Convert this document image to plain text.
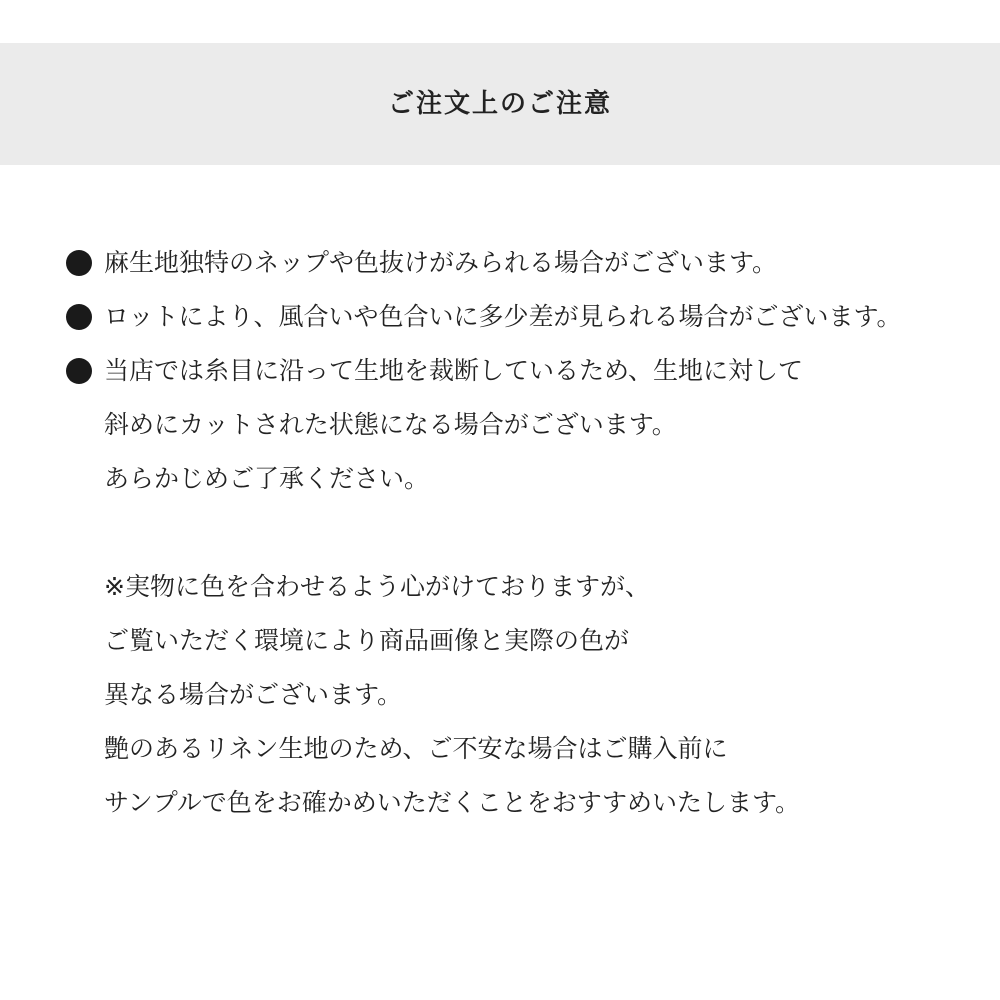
ご注文上のご注意
麻生地独特のネップや色抜けがみられる場合がございます。
ロットにより、風合いや色合いに多少差が見られる場合がございます。
当店では糸目に沿って生地を裁断しているため、生地に対して
斜めにカットされた状態になる場合がございます。
あらかじめご了承ください。
※実物に色を合わせるよう心がけておりますが、
ご覧いただく環境により商品画像と実際の色が
異なる場合がございます。
艶のあるリネン生地のため、ご不安な場合はご購入前に
サンプルで色をお確かめいただくことをおすすめいたします。
